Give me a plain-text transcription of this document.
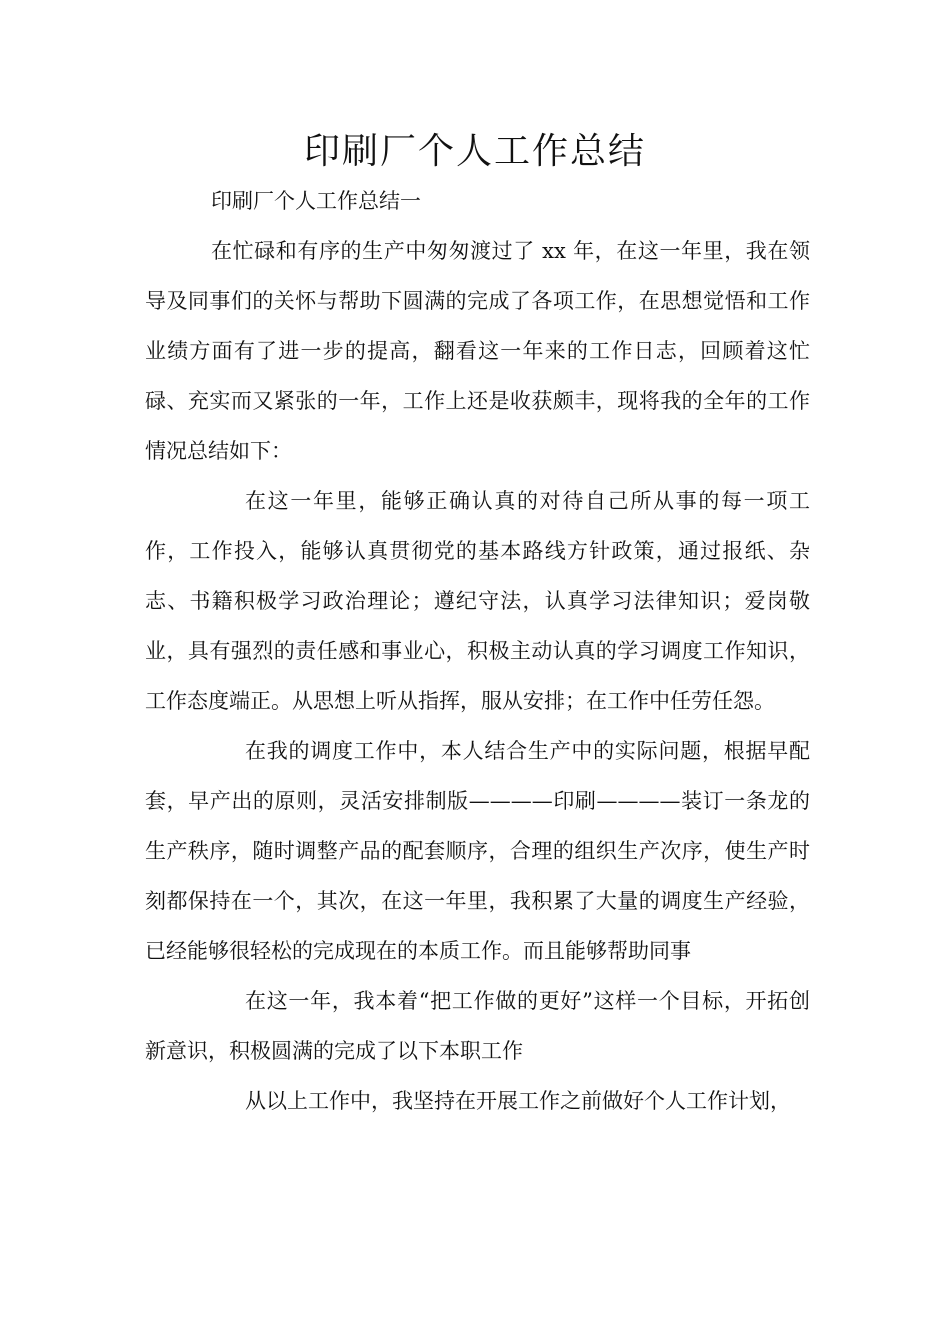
印刷厂个人工作总结

印刷厂个人工作总结一

在忙碌和有序的生产中匆匆渡过了 xx 年，在这一年里，我在领导及同事们的关怀与帮助下圆满的完成了各项工作，在思想觉悟和工作业绩方面有了进一步的提高，翻看这一年来的工作日志，回顾着这忙碌、充实而又紧张的一年，工作上还是收获颇丰，现将我的全年的工作情况总结如下：

在这一年里，能够正确认真的对待自己所从事的每一项工作，工作投入，能够认真贯彻党的基本路线方针政策，通过报纸、杂志、书籍积极学习政治理论；遵纪守法，认真学习法律知识；爱岗敬业，具有强烈的责任感和事业心，积极主动认真的学习调度工作知识，工作态度端正。从思想上听从指挥，服从安排；在工作中任劳任怨。

在我的调度工作中，本人结合生产中的实际问题，根据早配套，早产出的原则，灵活安排制版————印刷————装订一条龙的生产秩序，随时调整产品的配套顺序，合理的组织生产次序，使生产时刻都保持在一个，其次，在这一年里，我积累了大量的调度生产经验，已经能够很轻松的完成现在的本质工作。而且能够帮助同事

在这一年，我本着“把工作做的更好”这样一个目标，开拓创新意识，积极圆满的完成了以下本职工作

从以上工作中，我坚持在开展工作之前做好个人工作计划，
